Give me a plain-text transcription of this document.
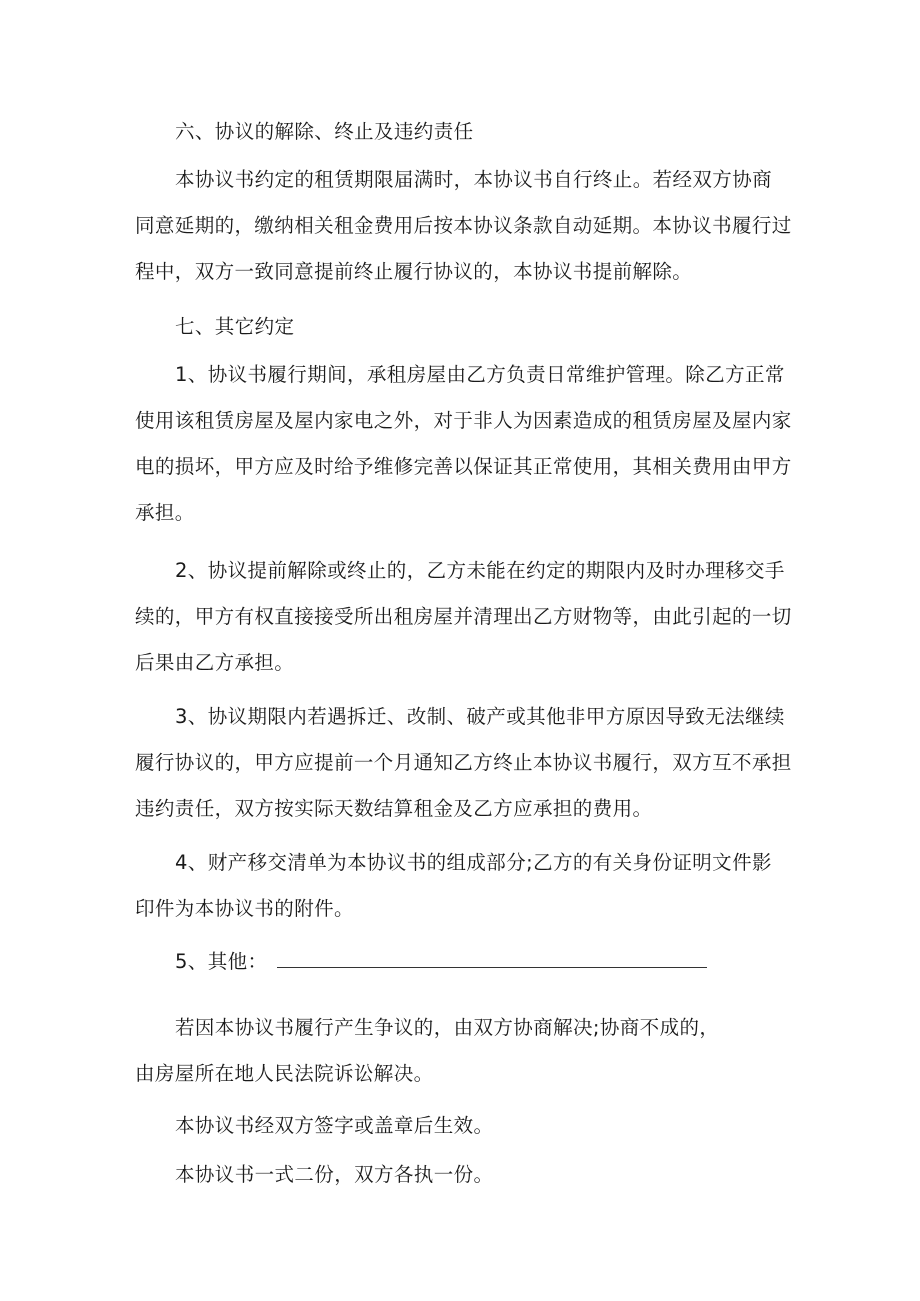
六、协议的解除、终止及违约责任

本协议书约定的租赁期限届满时，本协议书自行终止。若经双方协商
同意延期的，缴纳相关租金费用后按本协议条款自动延期。本协议书履行过
程中，双方一致同意提前终止履行协议的，本协议书提前解除。

七、其它约定

1、协议书履行期间，承租房屋由乙方负责日常维护管理。除乙方正常
使用该租赁房屋及屋内家电之外，对于非人为因素造成的租赁房屋及屋内家
电的损坏，甲方应及时给予维修完善以保证其正常使用，其相关费用由甲方
承担。

2、协议提前解除或终止的，乙方未能在约定的期限内及时办理移交手
续的，甲方有权直接接受所出租房屋并清理出乙方财物等，由此引起的一切
后果由乙方承担。

3、协议期限内若遇拆迁、改制、破产或其他非甲方原因导致无法继续
履行协议的，甲方应提前一个月通知乙方终止本协议书履行，双方互不承担
违约责任，双方按实际天数结算租金及乙方应承担的费用。

4、财产移交清单为本协议书的组成部分;乙方的有关身份证明文件影
印件为本协议书的附件。

5、其他：

若因本协议书履行产生争议的，由双方协商解决;协商不成的，
由房屋所在地人民法院诉讼解决。

本协议书经双方签字或盖章后生效。

本协议书一式二份，双方各执一份。
